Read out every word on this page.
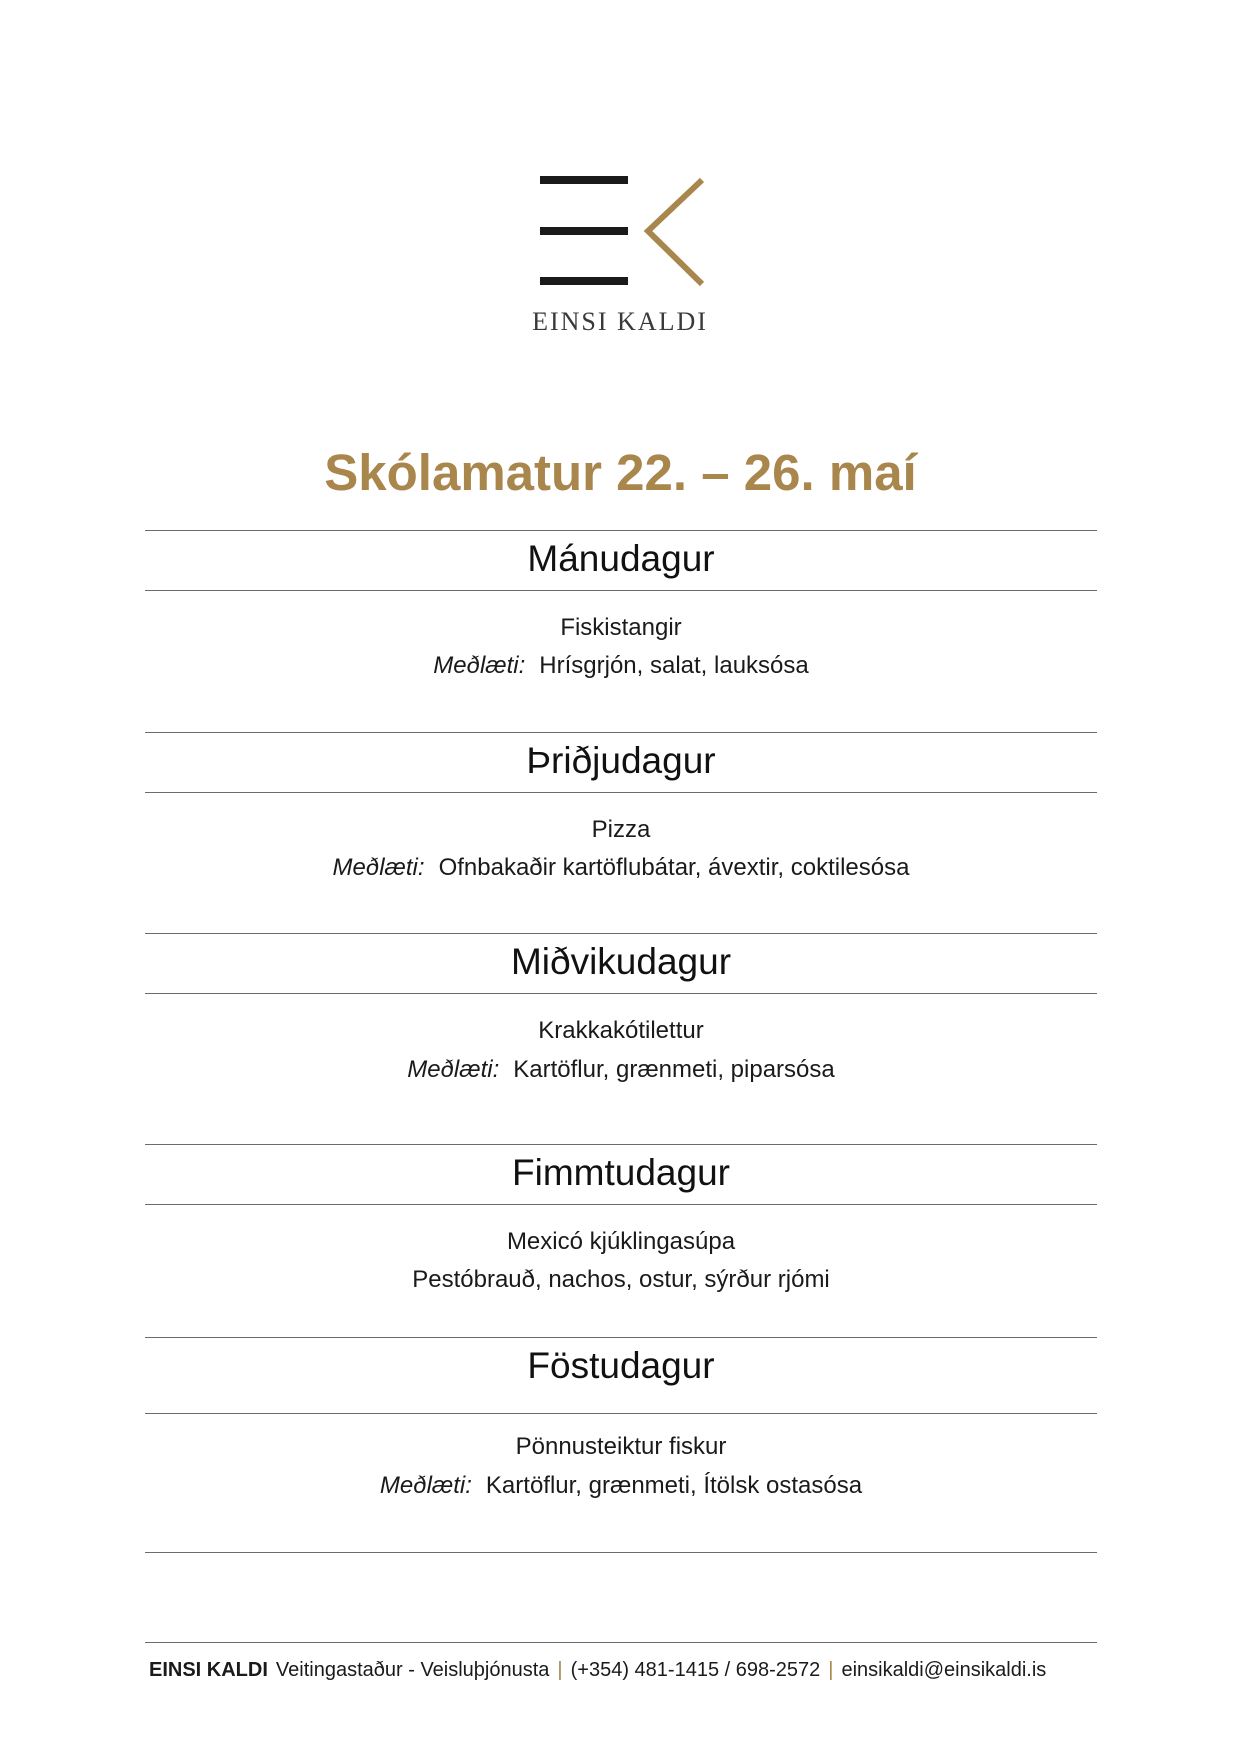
EINSI KALDI
Skólamatur 22. – 26. maí
Mánudagur
Fiskistangir
Meðlæti: Hrísgrjón, salat, lauksósa
Þriðjudagur
Pizza
Meðlæti: Ofnbakaðir kartöflubátar, ávextir, coktilesósa
Miðvikudagur
Krakkakótilettur
Meðlæti: Kartöflur, grænmeti, piparsósa
Fimmtudagur
Mexicó kjúklingasúpa
Pestóbrauð, nachos, ostur, sýrður rjómi
Föstudagur
Pönnusteiktur fiskur
Meðlæti: Kartöflur, grænmeti, Ítölsk ostasósa
EINSI KALDI Veitingastaður - Veisluþjónusta | (+354) 481-1415 / 698-2572 | einsikaldi@einsikaldi.is
